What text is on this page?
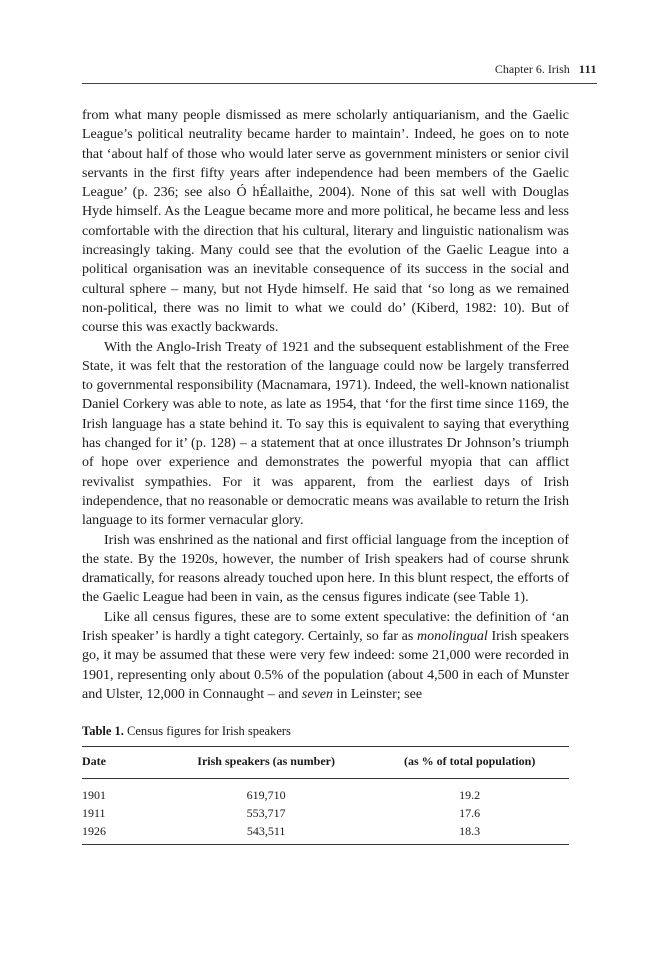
Chapter 6. Irish 111

from what many people dismissed as mere scholarly antiquarianism, and the Gaelic League’s political neutrality became harder to maintain’. Indeed, he goes on to note that ‘about half of those who would later serve as government ministers or senior civil servants in the first fifty years after independence had been members of the Gaelic League’ (p. 236; see also Ó hÉallaithe, 2004). None of this sat well with Douglas Hyde himself. As the League became more and more political, he became less and less comfortable with the direction that his cultural, literary and linguistic nationalism was increasingly taking. Many could see that the evolution of the Gaelic League into a political organisation was an inevitable consequence of its success in the social and cultural sphere – many, but not Hyde himself. He said that ‘so long as we remained non-political, there was no limit to what we could do’ (Kiberd, 1982: 10). But of course this was exactly backwards.

With the Anglo-Irish Treaty of 1921 and the subsequent establishment of the Free State, it was felt that the restoration of the language could now be largely transferred to governmental responsibility (Macnamara, 1971). Indeed, the well-known nationalist Daniel Corkery was able to note, as late as 1954, that ‘for the first time since 1169, the Irish language has a state behind it. To say this is equivalent to saying that everything has changed for it’ (p. 128) – a statement that at once illustrates Dr Johnson’s triumph of hope over experience and demonstrates the powerful myopia that can afflict revivalist sympathies. For it was apparent, from the earliest days of Irish independence, that no reasonable or democratic means was available to return the Irish language to its former vernacular glory.

Irish was enshrined as the national and first official language from the inception of the state. By the 1920s, however, the number of Irish speakers had of course shrunk dramatically, for reasons already touched upon here. In this blunt respect, the efforts of the Gaelic League had been in vain, as the census figures indicate (see Table 1).

Like all census figures, these are to some extent speculative: the definition of ‘an Irish speaker’ is hardly a tight category. Certainly, so far as monolingual Irish speakers go, it may be assumed that these were very few indeed: some 21,000 were recorded in 1901, representing only about 0.5% of the population (about 4,500 in each of Munster and Ulster, 12,000 in Connaught – and seven in Leinster; see

Table 1. Census figures for Irish speakers
Date	Irish speakers (as number)	(as % of total population)
1901	619,710	19.2
1911	553,717	17.6
1926	543,511	18.3
